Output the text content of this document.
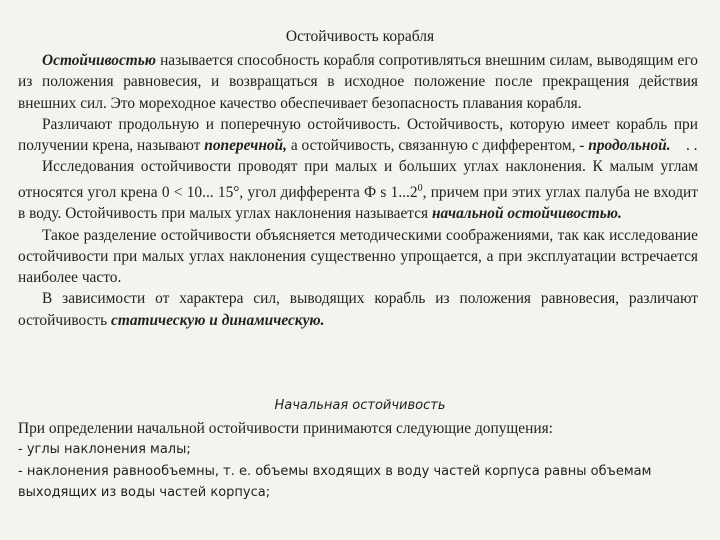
Остойчивость корабля

Остойчивостью называется способность корабля сопротивляться внешним силам, выводящим его из положения равновесия, и возвращаться в исходное положение после прекращения действия внешних сил. Это мореходное качество обеспечивает безопасность плавания корабля.

Различают продольную и поперечную остойчивость. Остойчивость, которую имеет корабль при получении крена, называют поперечной, а остойчивость, связанную с дифферентом, - продольной.    . .

Исследования остойчивости проводят при малых и больших углах наклонения. К малым углам относятся угол крена 0 < 10... 15°, угол дифферента Ф s 1...2$^0$, причем при этих углах палуба не входит в воду. Остойчивость при малых углах наклонения называется начальной остойчивостью.

Такое разделение остойчивости объясняется методическими соображениями, так как исследование остойчивости при малых углах наклонения существенно упрощается, а при эксплуатации встречается наиболее часто.

В зависимости от характера сил, выводящих корабль из положения равновесия, различают остойчивость статическую и динамическую.

Начальная остойчивость

При определении начальной остойчивости принимаются следующие допущения:

- углы наклонения малы;

- наклонения равнообъемны, т. е. объемы входящих в воду частей корпуса равны объемам выходящих из воды частей корпуса;
